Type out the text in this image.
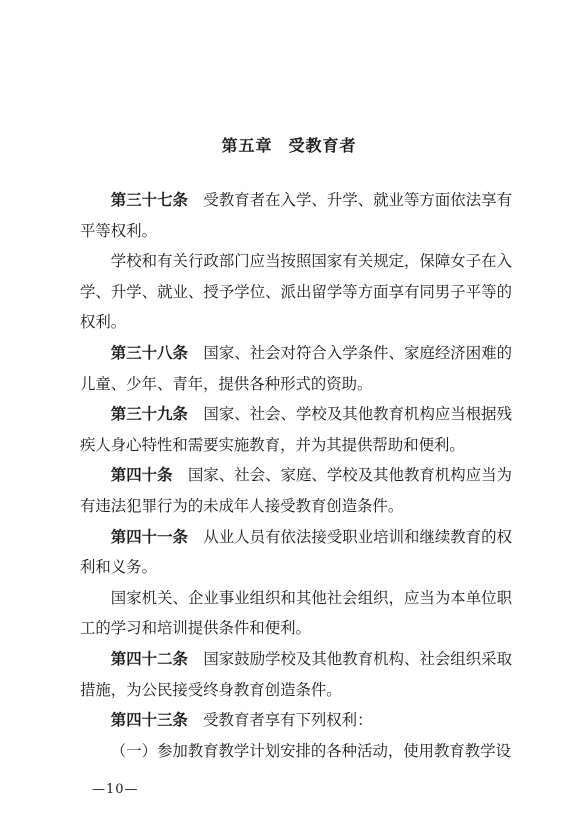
第五章 受教育者

第三十七条 受教育者在入学、升学、就业等方面依法享有平等权利。

学校和有关行政部门应当按照国家有关规定，保障女子在入学、升学、就业、授予学位、派出留学等方面享有同男子平等的权利。

第三十八条 国家、社会对符合入学条件、家庭经济困难的儿童、少年、青年，提供各种形式的资助。

第三十九条 国家、社会、学校及其他教育机构应当根据残疾人身心特性和需要实施教育，并为其提供帮助和便利。

第四十条 国家、社会、家庭、学校及其他教育机构应当为有违法犯罪行为的未成年人接受教育创造条件。

第四十一条 从业人员有依法接受职业培训和继续教育的权利和义务。

国家机关、企业事业组织和其他社会组织，应当为本单位职工的学习和培训提供条件和便利。

第四十二条 国家鼓励学校及其他教育机构、社会组织采取措施，为公民接受终身教育创造条件。

第四十三条 受教育者享有下列权利：

（一）参加教育教学计划安排的各种活动，使用教育教学设

—10—
